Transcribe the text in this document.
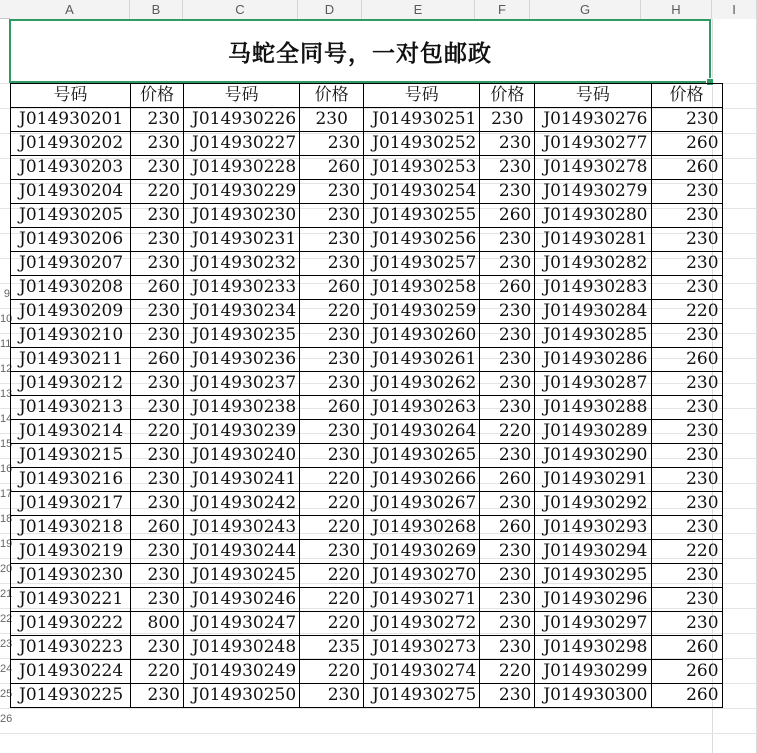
A	B	C	D	E	F	G	H	I
9
10
11
12
13
14
15
16
17
18
19
20
21
22
23
24
25
26
马蛇全同号，一对包邮政
号码	价格	号码	价格	号码	价格	号码	价格
J014930201	230	J014930226	230	J014930251	230	J014930276	230
J014930202	230	J014930227	230	J014930252	230	J014930277	260
J014930203	230	J014930228	260	J014930253	230	J014930278	260
J014930204	220	J014930229	230	J014930254	230	J014930279	230
J014930205	230	J014930230	230	J014930255	260	J014930280	230
J014930206	230	J014930231	230	J014930256	230	J014930281	230
J014930207	230	J014930232	230	J014930257	230	J014930282	230
J014930208	260	J014930233	260	J014930258	260	J014930283	230
J014930209	230	J014930234	220	J014930259	230	J014930284	220
J014930210	230	J014930235	230	J014930260	230	J014930285	230
J014930211	260	J014930236	230	J014930261	230	J014930286	260
J014930212	230	J014930237	230	J014930262	230	J014930287	230
J014930213	230	J014930238	260	J014930263	230	J014930288	230
J014930214	220	J014930239	230	J014930264	220	J014930289	230
J014930215	230	J014930240	230	J014930265	230	J014930290	230
J014930216	230	J014930241	220	J014930266	260	J014930291	230
J014930217	230	J014930242	220	J014930267	230	J014930292	230
J014930218	260	J014930243	220	J014930268	260	J014930293	230
J014930219	230	J014930244	230	J014930269	230	J014930294	220
J014930230	230	J014930245	220	J014930270	230	J014930295	230
J014930221	230	J014930246	220	J014930271	230	J014930296	230
J014930222	800	J014930247	220	J014930272	230	J014930297	230
J014930223	230	J014930248	235	J014930273	230	J014930298	260
J014930224	220	J014930249	220	J014930274	220	J014930299	260
J014930225	230	J014930250	230	J014930275	230	J014930300	260
